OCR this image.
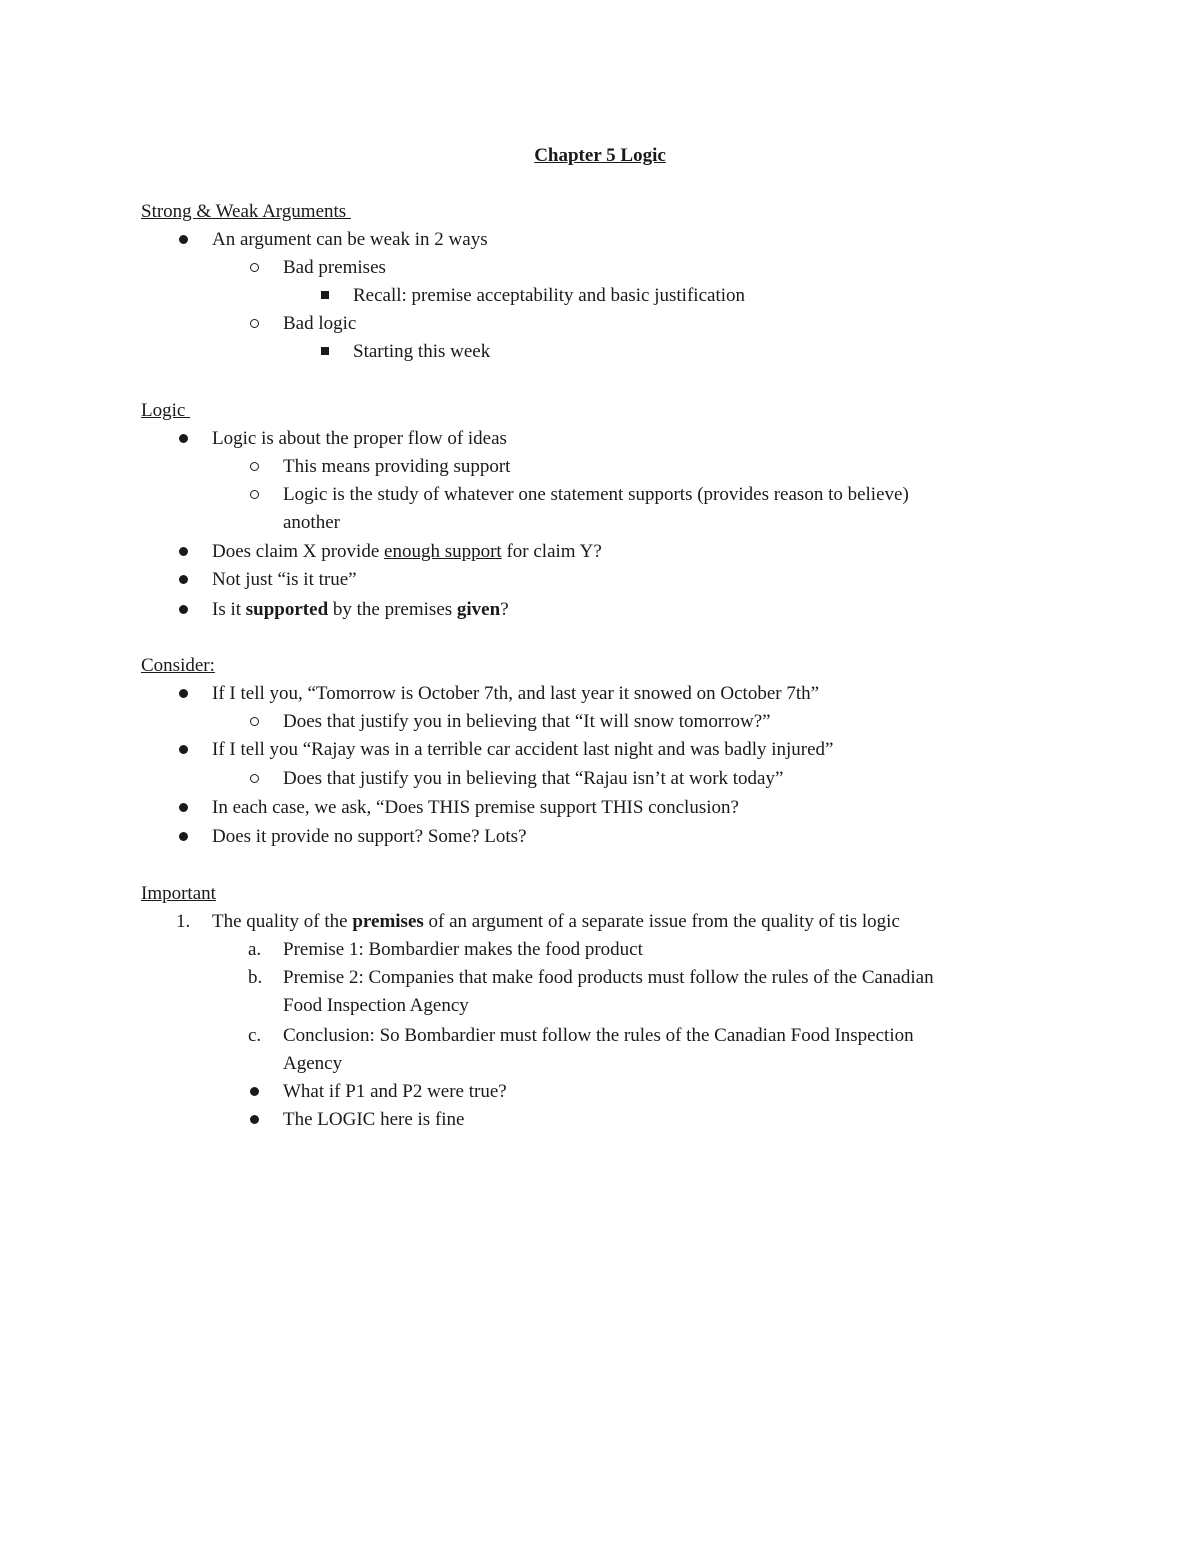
Chapter 5 Logic
Strong & Weak Arguments
An argument can be weak in 2 ways
Bad premises
Recall: premise acceptability and basic justification
Bad logic
Starting this week
Logic
Logic is about the proper flow of ideas
This means providing support
Logic is the study of whatever one statement supports (provides reason to believe)
another
Does claim X provide enough support for claim Y?
Not just “is it true”
Is it supported by the premises given?
Consider:
If I tell you, “Tomorrow is October 7th, and last year it snowed on October 7th”
Does that justify you in believing that “It will snow tomorrow?”
If I tell you “Rajay was in a terrible car accident last night and was badly injured”
Does that justify you in believing that “Rajau isn’t at work today”
In each case, we ask, “Does THIS premise support THIS conclusion?
Does it provide no support? Some? Lots?
Important
1. The quality of the premises of an argument of a separate issue from the quality of tis logic
a. Premise 1: Bombardier makes the food product
b. Premise 2: Companies that make food products must follow the rules of the Canadian
Food Inspection Agency
c. Conclusion: So Bombardier must follow the rules of the Canadian Food Inspection
Agency
What if P1 and P2 were true?
The LOGIC here is fine
